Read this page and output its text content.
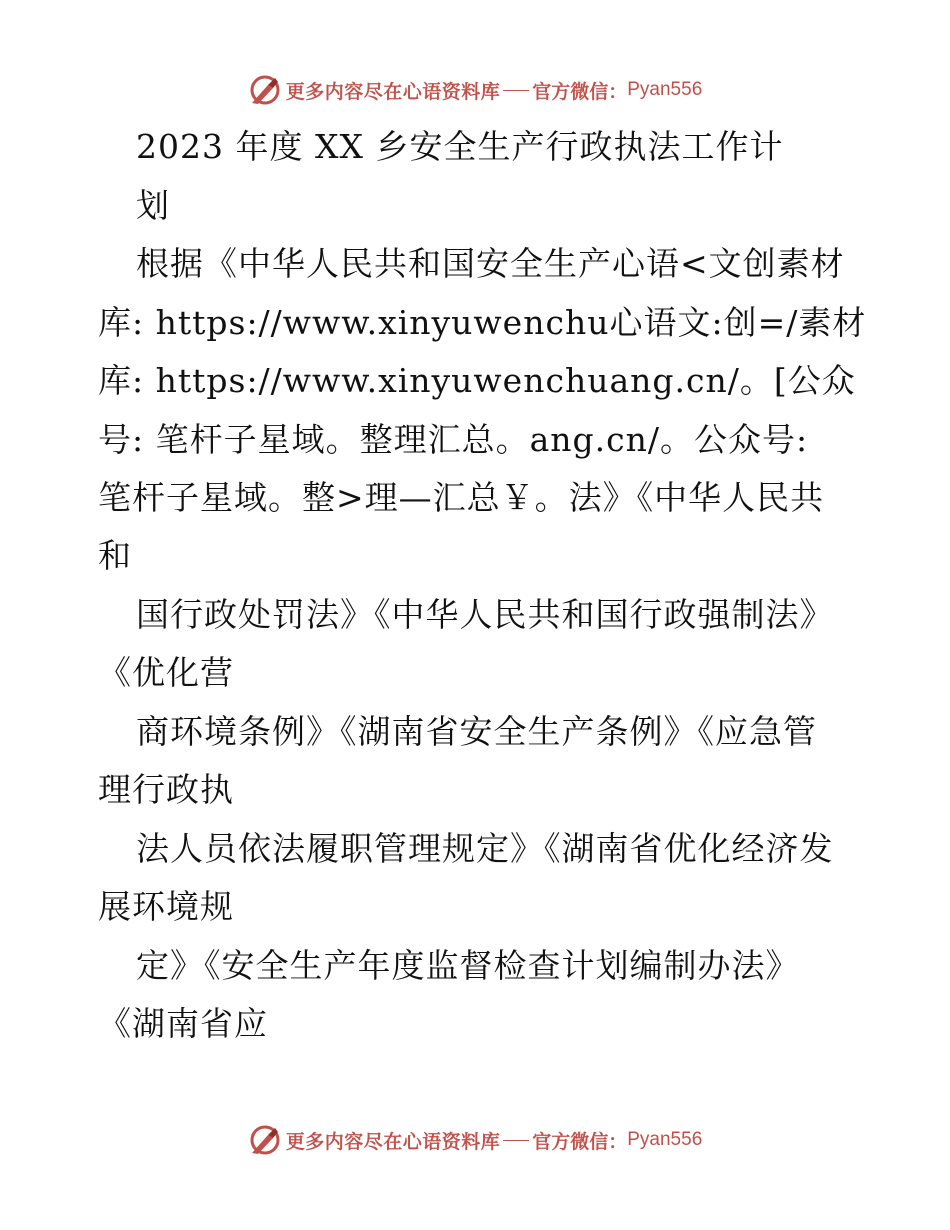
更多内容尽在心语资料库 官方微信： Pyan556
2023 年度 XX 乡安全生产行政执法工作计
划
根据《中华人民共和国安全生产心语<文创素材
库: https://www.xinyuwenchu心语文:创=/素材
库: https://www.xinyuwenchuang.cn/。[公众
号: 笔杆子星域。整理汇总。ang.cn/。公众号:
笔杆子星域。整>理—汇总￥。法》《中华人民共
和
国行政处罚法》《中华人民共和国行政强制法》
《优化营
商环境条例》《湖南省安全生产条例》《应急管
理行政执
法人员依法履职管理规定》《湖南省优化经济发
展环境规
定》《安全生产年度监督检查计划编制办法》
《湖南省应
更多内容尽在心语资料库 官方微信： Pyan556
